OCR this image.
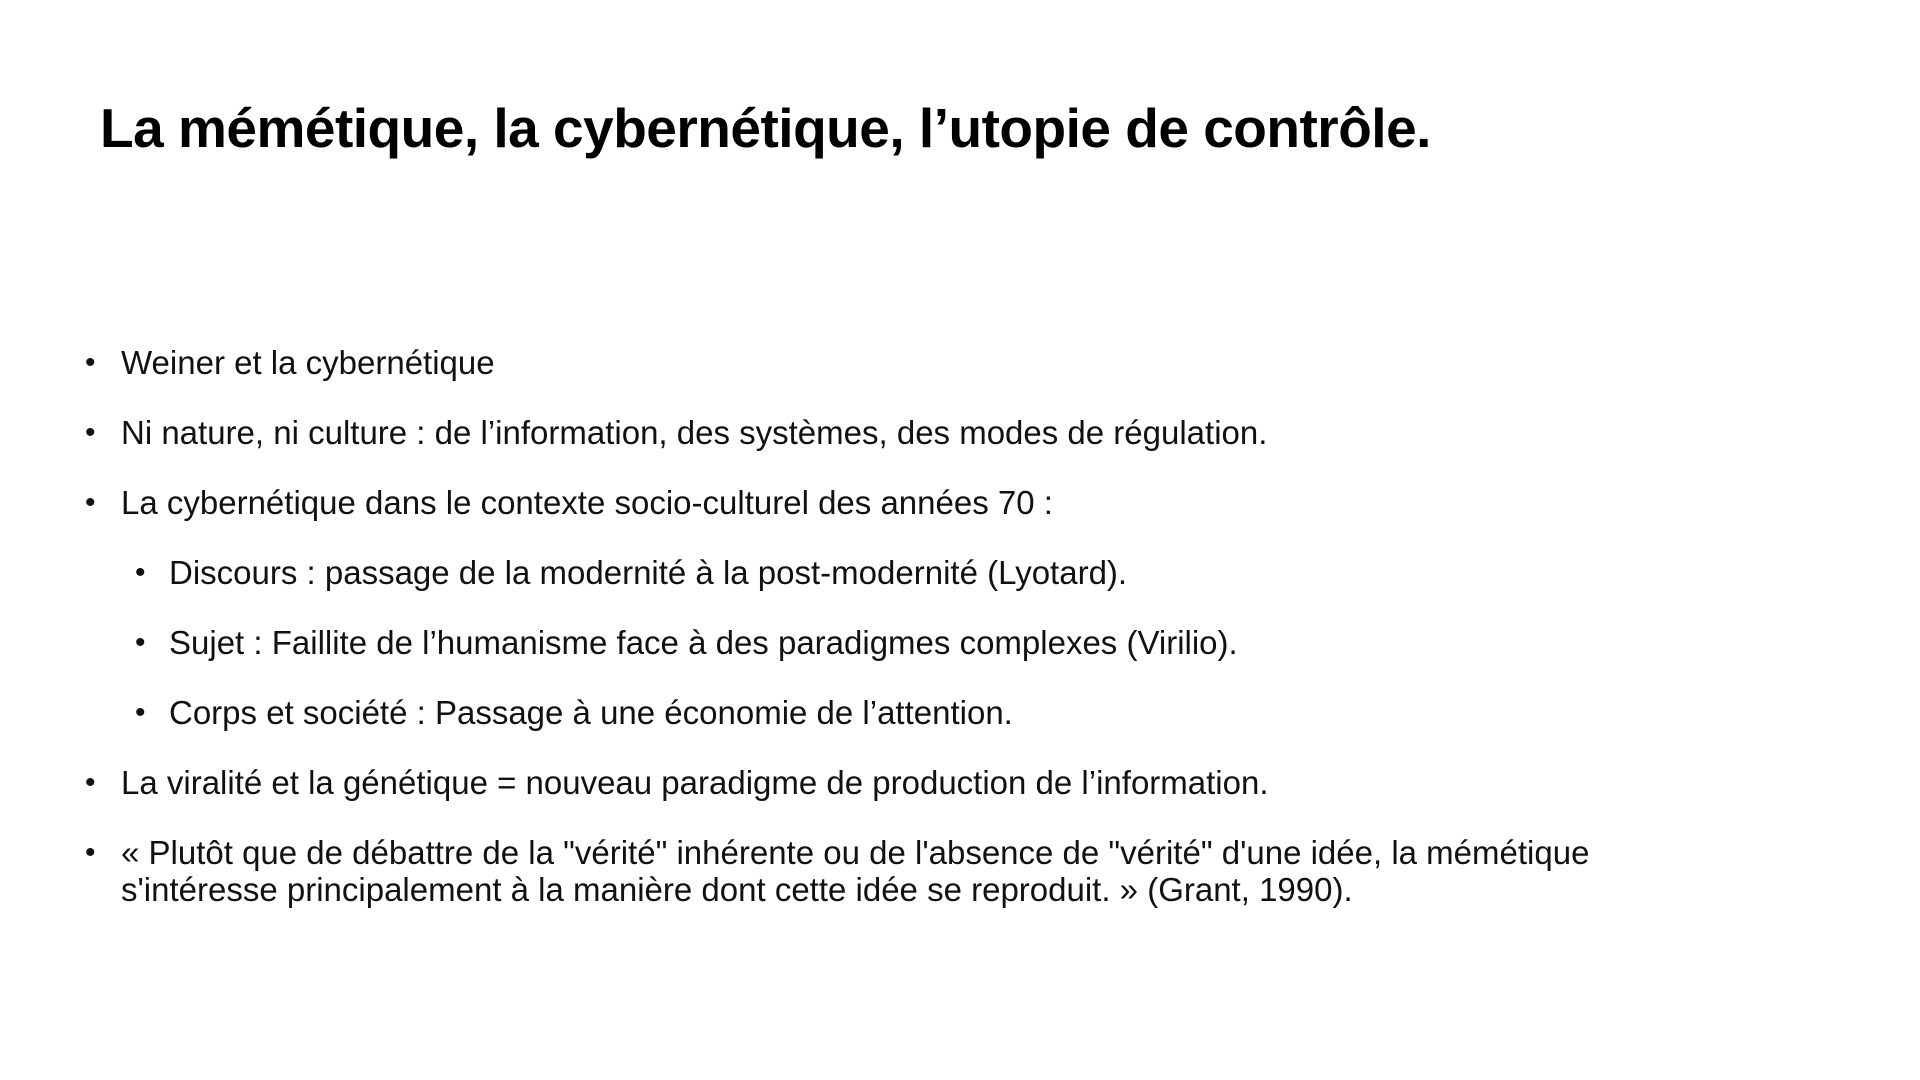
La mémétique, la cybernétique, l’utopie de contrôle.
• Weiner et la cybernétique
• Ni nature, ni culture : de l’information, des systèmes, des modes de régulation.
• La cybernétique dans le contexte socio-culturel des années 70 :
• Discours : passage de la modernité à la post-modernité (Lyotard).
• Sujet : Faillite de l’humanisme face à des paradigmes complexes (Virilio).
• Corps et société : Passage à une économie de l’attention.
• La viralité et la génétique = nouveau paradigme de production de l’information.
• « Plutôt que de débattre de la "vérité" inhérente ou de l'absence de "vérité" d'une idée, la mémétique s'intéresse principalement à la manière dont cette idée se reproduit. » (Grant, 1990).
